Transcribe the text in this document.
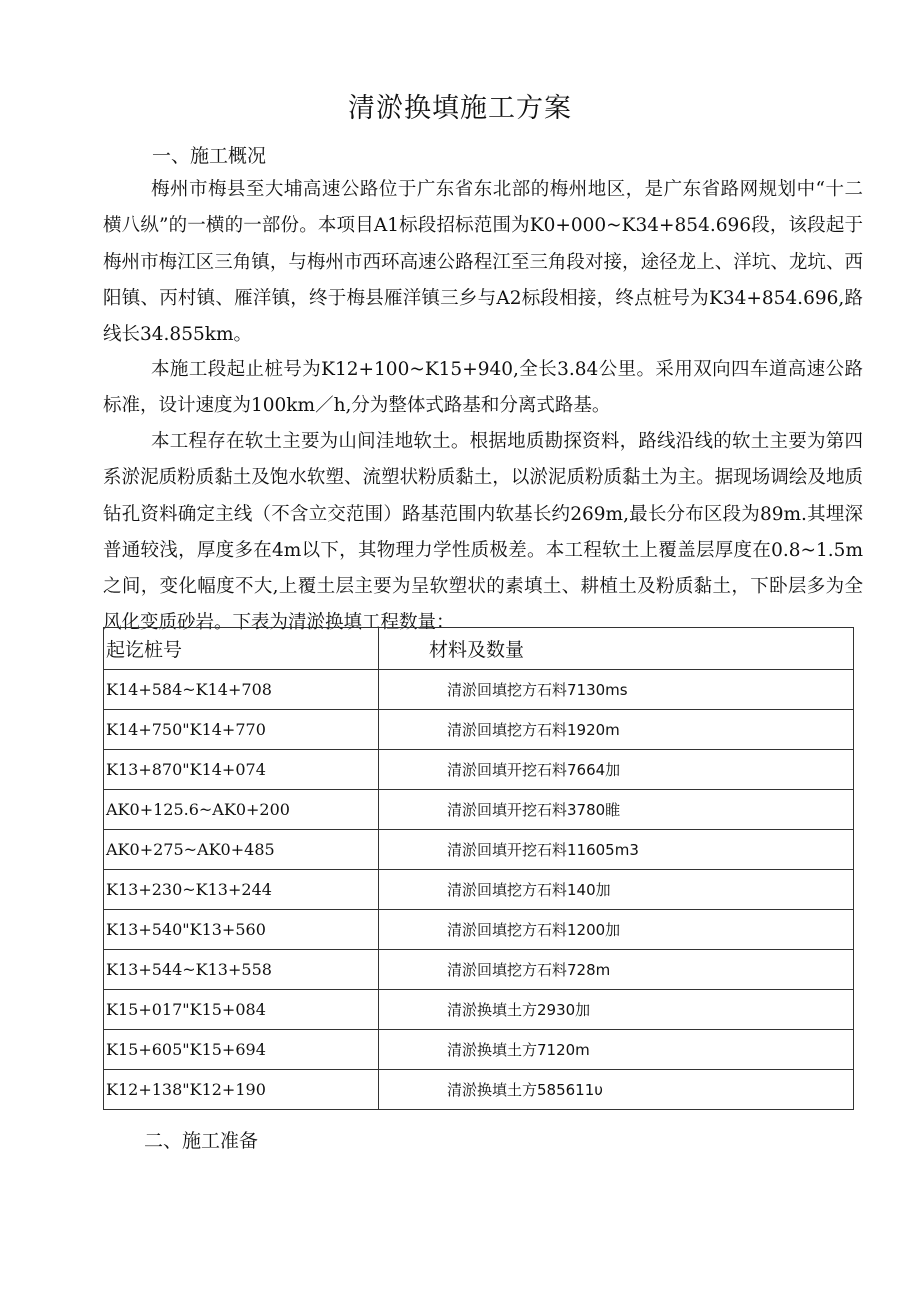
清淤换填施工方案
一、施工概况

梅州市梅县至大埔高速公路位于广东省东北部的梅州地区，是广东省路网规划中“十二横八纵”的一横的一部份。本项目A1标段招标范围为K0+000~K34+854.696段，该段起于梅州市梅江区三角镇，与梅州市西环高速公路程江至三角段对接，途径龙上、洋坑、龙坑、西阳镇、丙村镇、雁洋镇，终于梅县雁洋镇三乡与A2标段相接，终点桩号为K34+854.696,路线长34.855km。

本施工段起止桩号为K12+100~K15+940,全长3.84公里。采用双向四车道高速公路标准，设计速度为100km／h,分为整体式路基和分离式路基。

本工程存在软土主要为山间洼地软土。根据地质勘探资料，路线沿线的软土主要为第四系淤泥质粉质黏土及饱水软塑、流塑状粉质黏土，以淤泥质粉质黏土为主。据现场调绘及地质钻孔资料确定主线（不含立交范围）路基范围内软基长约269m,最长分布区段为89m.其埋深普通较浅，厚度多在4m以下，其物理力学性质极差。本工程软土上覆盖层厚度在0.8~1.5m之间，变化幅度不大,上覆土层主要为呈软塑状的素填土、耕植土及粉质黏土，下卧层多为全风化变质砂岩。下表为清淤换填工程数量：

起讫桩号	材料及数量
K14+584~K14+708	清淤回填挖方石料7130ms
K14+750"K14+770	清淤回填挖方石料1920m
K13+870"K14+074	清淤回填开挖石料7664加
AK0+125.6~AK0+200	清淤回填开挖石料3780睢
AK0+275~AK0+485	清淤回填开挖石料11605m3
K13+230~K13+244	清淤回填挖方石料140加
K13+540"K13+560	清淤回填挖方石料1200加
K13+544~K13+558	清淤回填挖方石料728m
K15+017"K15+084	清淤换填土方2930加
K15+605"K15+694	清淤换填土方7120m
K12+138"K12+190	清淤换填土方585611υ
二、施工准备
